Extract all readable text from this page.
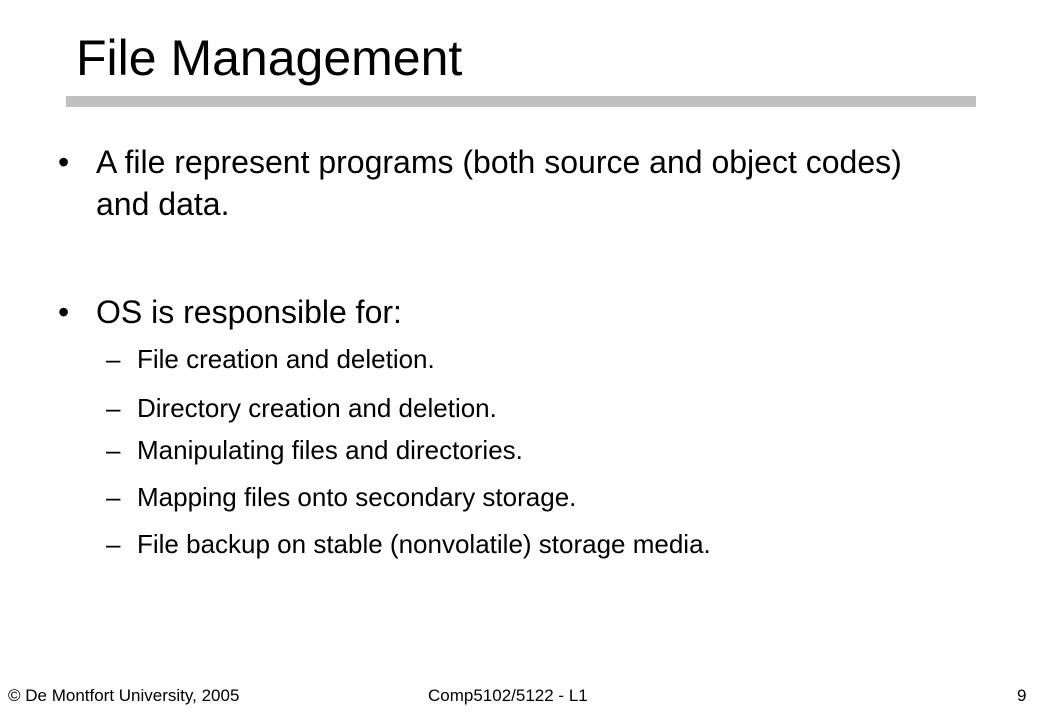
File Management
• A file represent programs (both source and object codes) and data.
• OS is responsible for:
– File creation and deletion.
– Directory creation and deletion.
– Manipulating files and directories.
– Mapping files onto secondary storage.
– File backup on stable (nonvolatile) storage media.
© De Montfort University, 2005	Comp5102/5122 - L1	9
